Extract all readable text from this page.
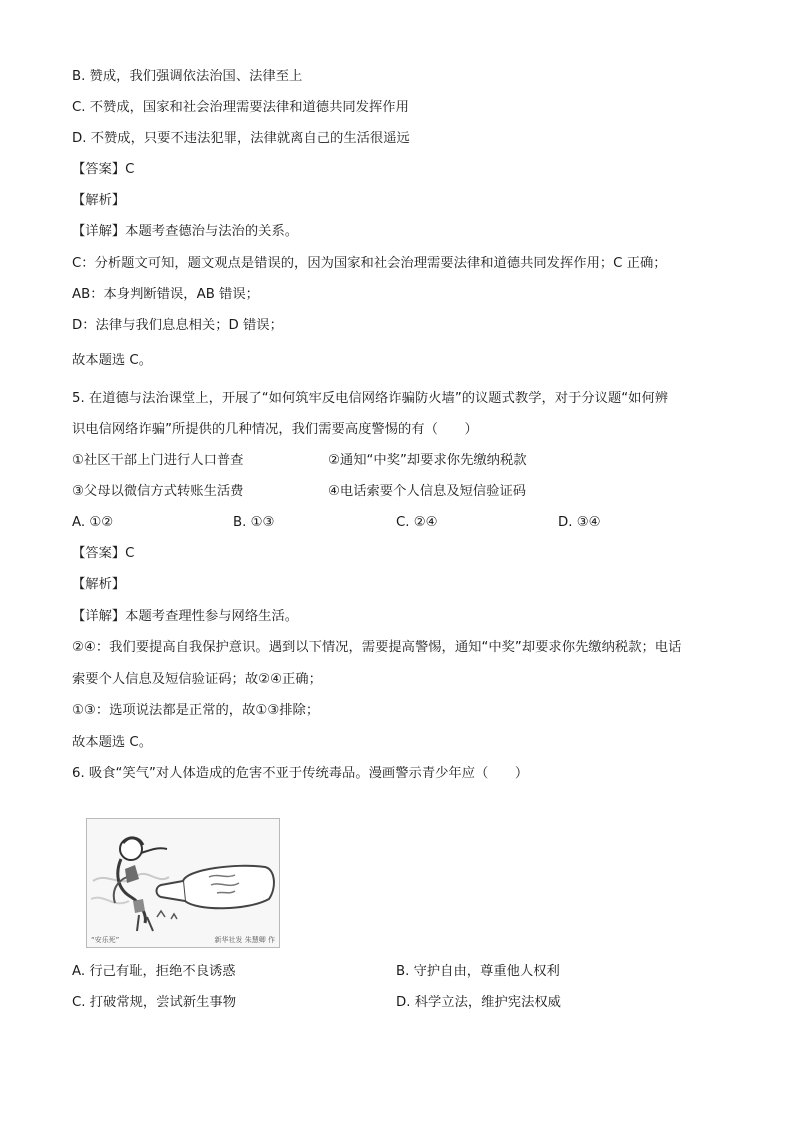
B. 赞成，我们强调依法治国、法律至上
C. 不赞成，国家和社会治理需要法律和道德共同发挥作用
D. 不赞成，只要不违法犯罪，法律就离自己的生活很遥远
【答案】C
【解析】
【详解】本题考查德治与法治的关系。
C：分析题文可知，题文观点是错误的，因为国家和社会治理需要法律和道德共同发挥作用；C 正确；
AB：本身判断错误，AB 错误；
D：法律与我们息息相关；D 错误；
故本题选 C。
5. 在道德与法治课堂上，开展了“如何筑牢反电信网络诈骗防火墙”的议题式教学，对于分议题“如何辨
识电信网络诈骗”所提供的几种情况，我们需要高度警惕的有（　　）
①社区干部上门进行人口普查	②通知“中奖”却要求你先缴纳税款
③父母以微信方式转账生活费	④电话索要个人信息及短信验证码
A. ①②	B. ①③	C. ②④	D. ③④
【答案】C
【解析】
【详解】本题考查理性参与网络生活。
②④：我们要提高自我保护意识。遇到以下情况，需要提高警惕，通知“中奖”却要求你先缴纳税款；电话
索要个人信息及短信验证码；故②④正确；
①③：选项说法都是正常的，故①③排除；
故本题选 C。
6. 吸食“笑气”对人体造成的危害不亚于传统毒品。漫画警示青少年应（　　）
“安乐死”	新华社发 朱慧卿 作
A. 行己有耻，拒绝不良诱惑	B. 守护自由，尊重他人权利
C. 打破常规，尝试新生事物	D. 科学立法，维护宪法权威
